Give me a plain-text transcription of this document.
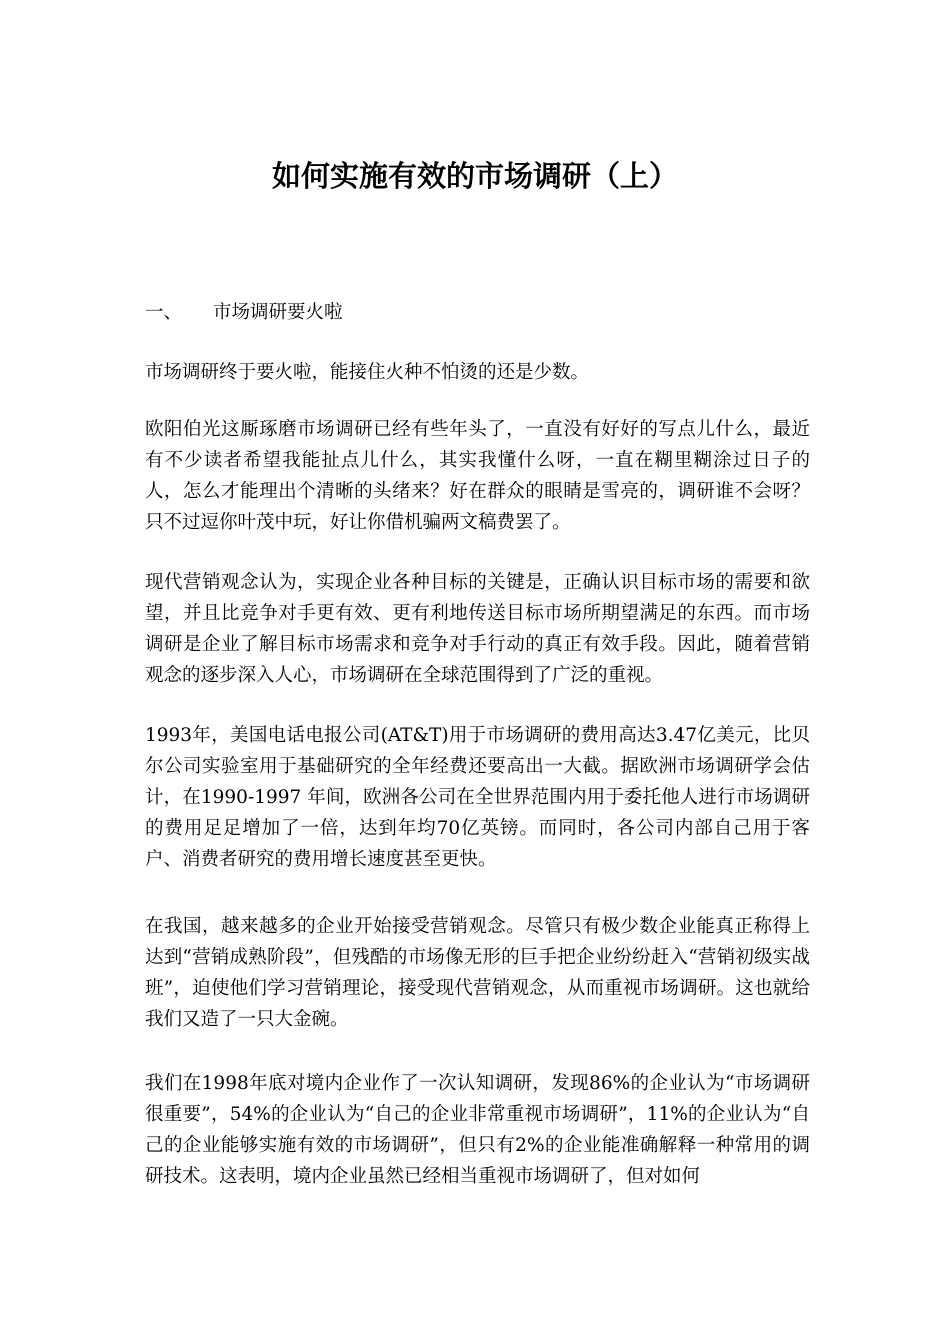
如何实施有效的市场调研（上）
一、 市场调研要火啦

市场调研终于要火啦，能接住火种不怕烫的还是少数。

欧阳伯光这厮琢磨市场调研已经有些年头了，一直没有好好的写点儿什么，最近有不少读者希望我能扯点儿什么，其实我懂什么呀，一直在糊里糊涂过日子的人，怎么才能理出个清晰的头绪来？好在群众的眼睛是雪亮的，调研谁不会呀？只不过逗你叶茂中玩，好让你借机骗两文稿费罢了。

现代营销观念认为，实现企业各种目标的关键是，正确认识目标市场的需要和欲望，并且比竞争对手更有效、更有利地传送目标市场所期望满足的东西。而市场调研是企业了解目标市场需求和竞争对手行动的真正有效手段。因此，随着营销观念的逐步深入人心，市场调研在全球范围得到了广泛的重视。

1993年，美国电话电报公司(AT&T)用于市场调研的费用高达3.47亿美元，比贝尔公司实验室用于基础研究的全年经费还要高出一大截。据欧洲市场调研学会估计，在1990-1997 年间，欧洲各公司在全世界范围内用于委托他人进行市场调研的费用足足增加了一倍，达到年均70亿英镑。而同时，各公司内部自己用于客户、消费者研究的费用增长速度甚至更快。

在我国，越来越多的企业开始接受营销观念。尽管只有极少数企业能真正称得上达到“营销成熟阶段”，但残酷的市场像无形的巨手把企业纷纷赶入“营销初级实战班”，迫使他们学习营销理论，接受现代营销观念，从而重视市场调研。这也就给我们又造了一只大金碗。

我们在1998年底对境内企业作了一次认知调研，发现86%的企业认为“市场调研很重要”，54%的企业认为“自己的企业非常重视市场调研”，11%的企业认为“自己的企业能够实施有效的市场调研”，但只有2%的企业能准确解释一种常用的调研技术。这表明，境内企业虽然已经相当重视市场调研了，但对如何
